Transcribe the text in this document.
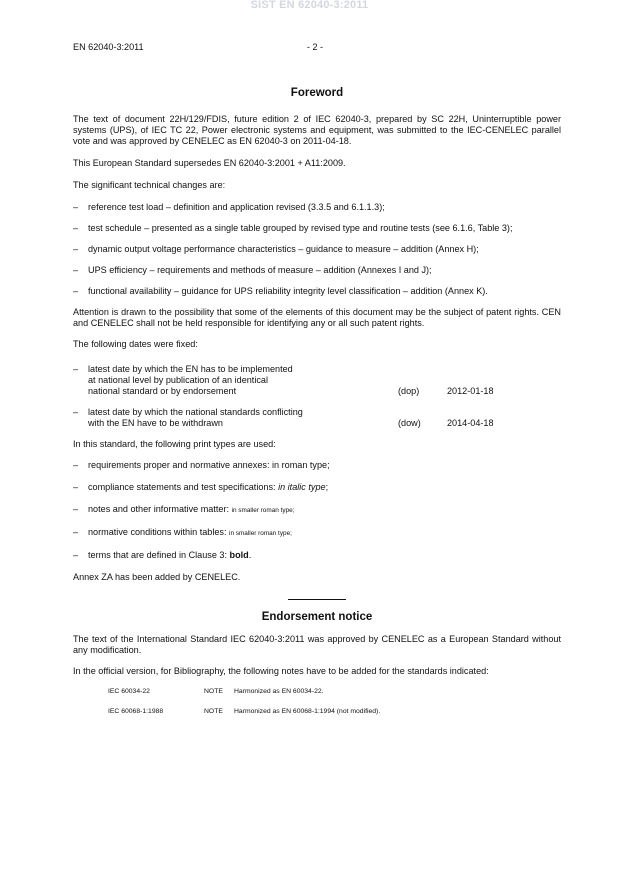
SIST EN 62040-3:2011
EN 62040-3:2011	- 2 -
Foreword

The text of document 22H/129/FDIS, future edition 2 of IEC 62040-3, prepared by SC 22H, Uninterruptible power systems (UPS), of IEC TC 22, Power electronic systems and equipment, was submitted to the IEC-CENELEC parallel vote and was approved by CENELEC as EN 62040-3 on 2011-04-18.

This European Standard supersedes EN 62040-3:2001 + A11:2009.

The significant technical changes are:

– reference test load – definition and application revised (3.3.5 and 6.1.1.3);
– test schedule – presented as a single table grouped by revised type and routine tests (see 6.1.6, Table 3);
– dynamic output voltage performance characteristics – guidance to measure – addition (Annex H);
– UPS efficiency – requirements and methods of measure – addition (Annexes I and J);
– functional availability – guidance for UPS reliability integrity level classification – addition (Annex K).

Attention is drawn to the possibility that some of the elements of this document may be the subject of patent rights. CEN and CENELEC shall not be held responsible for identifying any or all such patent rights.

The following dates were fixed:

– latest date by which the EN has to be implemented
at national level by publication of an identical
national standard or by endorsement	(dop)	2012-01-18
– latest date by which the national standards conflicting
with the EN have to be withdrawn	(dow)	2014-04-18

In this standard, the following print types are used:

– requirements proper and normative annexes: in roman type;
– compliance statements and test specifications: in italic type;
– notes and other informative matter: in smaller roman type;
– normative conditions within tables: in smaller roman type;
– terms that are defined in Clause 3: bold.

Annex ZA has been added by CENELEC.

Endorsement notice

The text of the International Standard IEC 62040-3:2011 was approved by CENELEC as a European Standard without any modification.

In the official version, for Bibliography, the following notes have to be added for the standards indicated:

IEC 60034-22	NOTE Harmonized as EN 60034-22.
IEC 60068-1:1988	NOTE Harmonized as EN 60068-1:1994 (not modified).
